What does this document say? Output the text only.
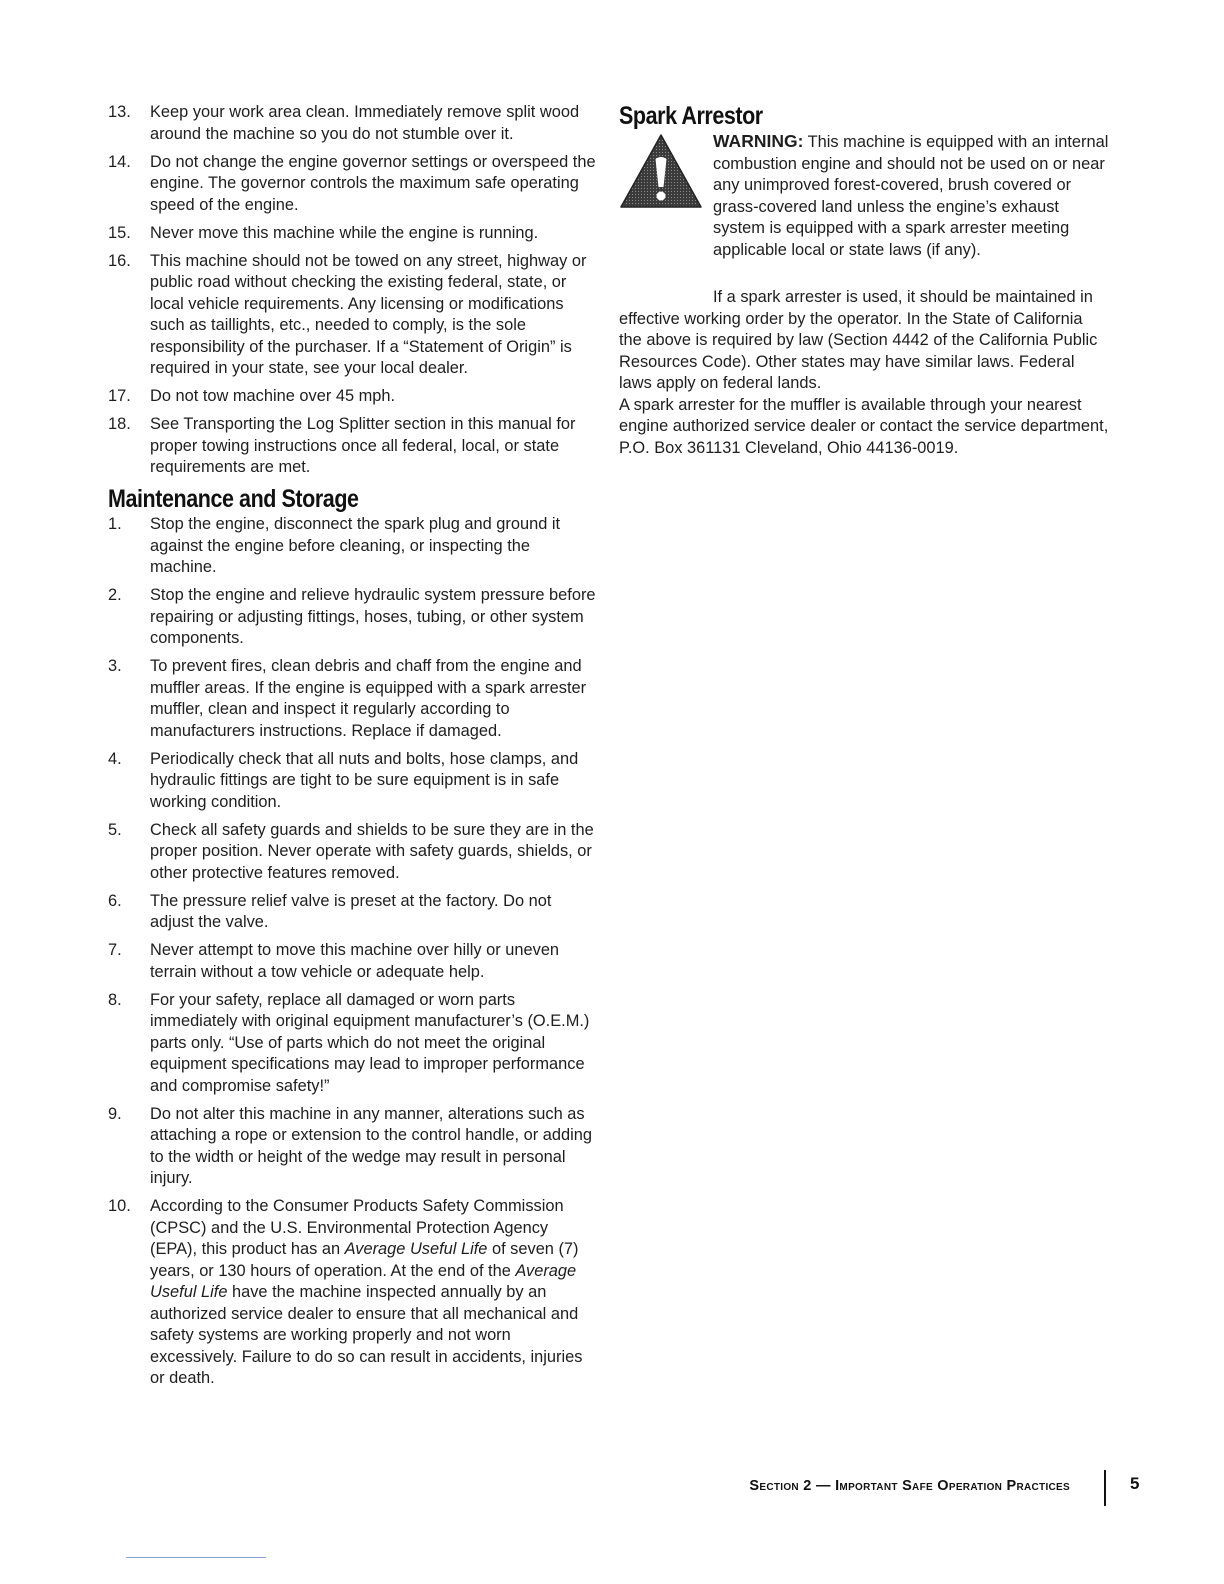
13. Keep your work area clean. Immediately remove split wood around the machine so you do not stumble over it.
14. Do not change the engine governor settings or overspeed the engine. The governor controls the maximum safe operating speed of the engine.
15. Never move this machine while the engine is running.
16. This machine should not be towed on any street, highway or public road without checking the existing federal, state, or local vehicle requirements. Any licensing or modifications such as taillights, etc., needed to comply, is the sole responsibility of the purchaser. If a “Statement of Origin” is required in your state, see your local dealer.
17. Do not tow machine over 45 mph.
18. See Transporting the Log Splitter section in this manual for proper towing instructions once all federal, local, or state requirements are met.
Maintenance and Storage
1. Stop the engine, disconnect the spark plug and ground it against the engine before cleaning, or inspecting the machine.
2. Stop the engine and relieve hydraulic system pressure before repairing or adjusting fittings, hoses, tubing, or other system components.
3. To prevent fires, clean debris and chaff from the engine and muffler areas. If the engine is equipped with a spark arrester muffler, clean and inspect it regularly according to manufacturers instructions. Replace if damaged.
4. Periodically check that all nuts and bolts, hose clamps, and hydraulic fittings are tight to be sure equipment is in safe working condition.
5. Check all safety guards and shields to be sure they are in the proper position. Never operate with safety guards, shields, or other protective features removed.
6. The pressure relief valve is preset at the factory. Do not adjust the valve.
7. Never attempt to move this machine over hilly or uneven terrain without a tow vehicle or adequate help.
8. For your safety, replace all damaged or worn parts immediately with original equipment manufacturer’s (O.E.M.) parts only. “Use of parts which do not meet the original equipment specifications may lead to improper performance and compromise safety!”
9. Do not alter this machine in any manner, alterations such as attaching a rope or extension to the control handle, or adding to the width or height of the wedge may result in personal injury.
10. According to the Consumer Products Safety Commission (CPSC) and the U.S. Environmental Protection Agency (EPA), this product has an Average Useful Life of seven (7) years, or 130 hours of operation. At the end of the Average Useful Life have the machine inspected annually by an authorized service dealer to ensure that all mechanical and safety systems are working properly and not worn excessively. Failure to do so can result in accidents, injuries or death.
Spark Arrestor
WARNING: This machine is equipped with an internal combustion engine and should not be used on or near any unimproved forest-covered, brush covered or grass-covered land unless the engine’s exhaust system is equipped with a spark arrester meeting applicable local or state laws (if any).

If a spark arrester is used, it should be maintained in effective working order by the operator. In the State of California the above is required by law (Section 4442 of the California Public Resources Code). Other states may have similar laws. Federal laws apply on federal lands.

A spark arrester for the muffler is available through your nearest engine authorized service dealer or contact the service department, P.O. Box 361131 Cleveland, Ohio 44136-0019.

Section 2 — Important Safe Operation Practices	5
